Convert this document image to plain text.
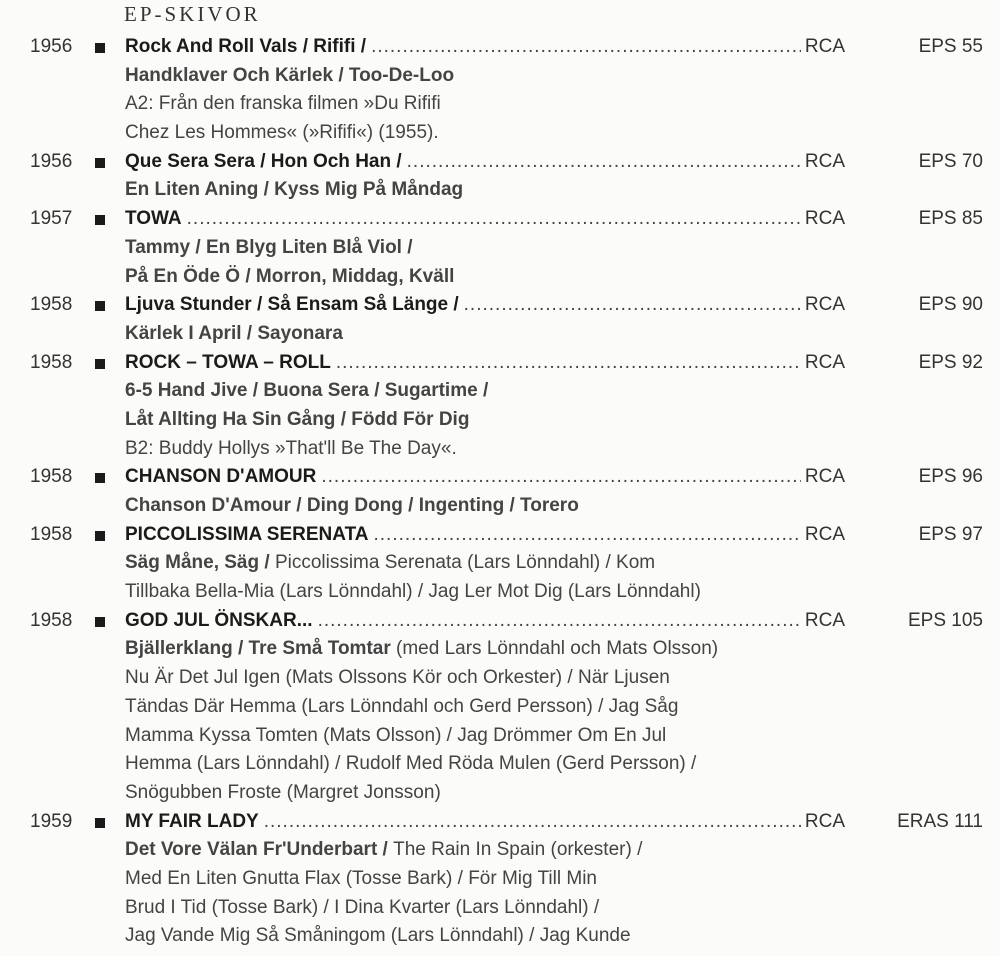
EP-SKIVOR
1956	Rock And Roll Vals / Rififi / .....	RCA	EPS 55
Handklaver Och Kärlek / Too-De-Loo
A2: Från den franska filmen »Du Rififi
Chez Les Hommes« (»Rififi«) (1955).
1956	Que Sera Sera / Hon Och Han / .....	RCA	EPS 70
En Liten Aning / Kyss Mig På Måndag
1957	TOWA .....	RCA	EPS 85
Tammy / En Blyg Liten Blå Viol /
På En Öde Ö / Morron, Middag, Kväll
1958	Ljuva Stunder / Så Ensam Så Länge / .....	RCA	EPS 90
Kärlek I April / Sayonara
1958	ROCK – TOWA – ROLL .....	RCA	EPS 92
6-5 Hand Jive / Buona Sera / Sugartime /
Låt Allting Ha Sin Gång / Född För Dig
B2: Buddy Hollys »That'll Be The Day«.
1958	CHANSON D'AMOUR .....	RCA	EPS 96
Chanson D'Amour / Ding Dong / Ingenting / Torero
1958	PICCOLISSIMA SERENATA .....	RCA	EPS 97
Säg Måne, Säg / Piccolissima Serenata (Lars Lönndahl) / Kom
Tillbaka Bella-Mia (Lars Lönndahl) / Jag Ler Mot Dig (Lars Lönndahl)
1958	GOD JUL ÖNSKAR... .....	RCA	EPS 105
Bjällerklang / Tre Små Tomtar (med Lars Lönndahl och Mats Olsson)
Nu Är Det Jul Igen (Mats Olssons Kör och Orkester) / När Ljusen
Tändas Där Hemma (Lars Lönndahl och Gerd Persson) / Jag Såg
Mamma Kyssa Tomten (Mats Olsson) / Jag Drömmer Om En Jul
Hemma (Lars Lönndahl) / Rudolf Med Röda Mulen (Gerd Persson) /
Snögubben Froste (Margret Jonsson)
1959	MY FAIR LADY .....	RCA	ERAS 111
Det Vore Välan Fr'Underbart / The Rain In Spain (orkester) /
Med En Liten Gnutta Flax (Tosse Bark) / För Mig Till Min
Brud I Tid (Tosse Bark) / I Dina Kvarter (Lars Lönndahl) /
Jag Vande Mig Så Småningom (Lars Lönndahl) / Jag Kunde
